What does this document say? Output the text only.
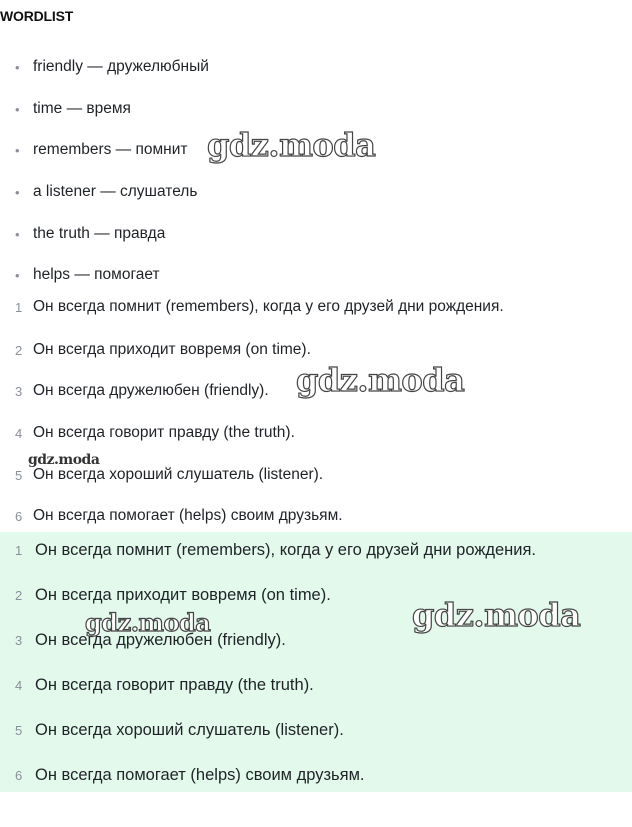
WORDLIST
• friendly — дружелюбный
• time — время
• remembers — помнит
• a listener — слушатель
• the truth — правда
• helps — помогает
1 Он всегда помнит (remembers), когда у его друзей дни рождения.
2 Он всегда приходит вовремя (on time).
3 Он всегда дружелюбен (friendly).
4 Он всегда говорит правду (the truth).
5 Он всегда хороший слушатель (listener).
6 Он всегда помогает (helps) своим друзьям.
1 Он всегда помнит (remembers), когда у его друзей дни рождения.
2 Он всегда приходит вовремя (on time).
3 Он всегда дружелюбен (friendly).
4 Он всегда говорит правду (the truth).
5 Он всегда хороший слушатель (listener).
6 Он всегда помогает (helps) своим друзьям.
gdz.moda
gdz.moda
gdz.moda
gdz.moda	gdz.moda
